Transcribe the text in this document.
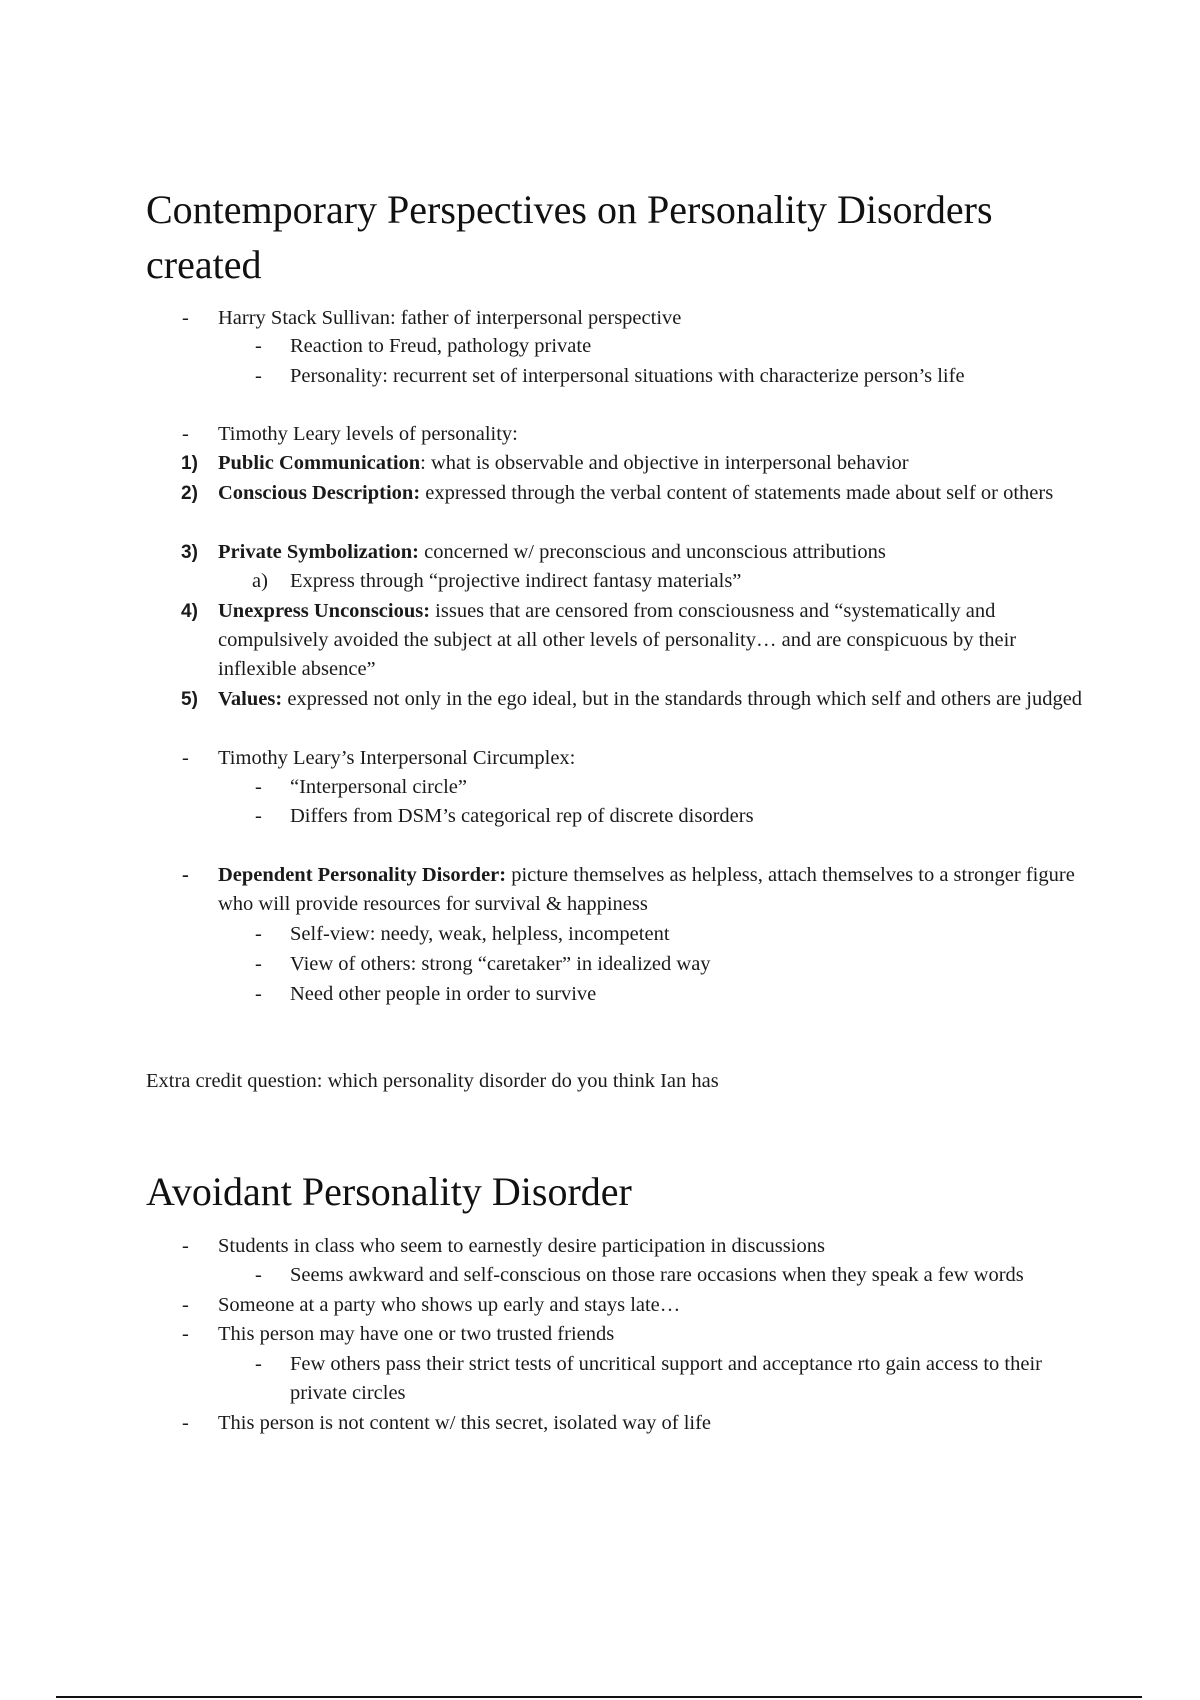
Contemporary Perspectives on Personality Disorders created
- Harry Stack Sullivan: father of interpersonal perspective
- Reaction to Freud, pathology private
- Personality: recurrent set of interpersonal situations with characterize person’s life
- Timothy Leary levels of personality:
1) Public Communication: what is observable and objective in interpersonal behavior
2) Conscious Description: expressed through the verbal content of statements made about self or others
3) Private Symbolization: concerned w/ preconscious and unconscious attributions
a) Express through “projective indirect fantasy materials”
4) Unexpress Unconscious: issues that are censored from consciousness and “systematically and compulsively avoided the subject at all other levels of personality… and are conspicuous by their inflexible absence”
5) Values: expressed not only in the ego ideal, but in the standards through which self and others are judged
- Timothy Leary’s Interpersonal Circumplex:
- “Interpersonal circle”
- Differs from DSM’s categorical rep of discrete disorders
- Dependent Personality Disorder: picture themselves as helpless, attach themselves to a stronger figure who will provide resources for survival & happiness
- Self-view: needy, weak, helpless, incompetent
- View of others: strong “caretaker” in idealized way
- Need other people in order to survive
Extra credit question: which personality disorder do you think Ian has
Avoidant Personality Disorder
- Students in class who seem to earnestly desire participation in discussions
- Seems awkward and self-conscious on those rare occasions when they speak a few words
- Someone at a party who shows up early and stays late…
- This person may have one or two trusted friends
- Few others pass their strict tests of uncritical support and acceptance rto gain access to their private circles
- This person is not content w/ this secret, isolated way of life
